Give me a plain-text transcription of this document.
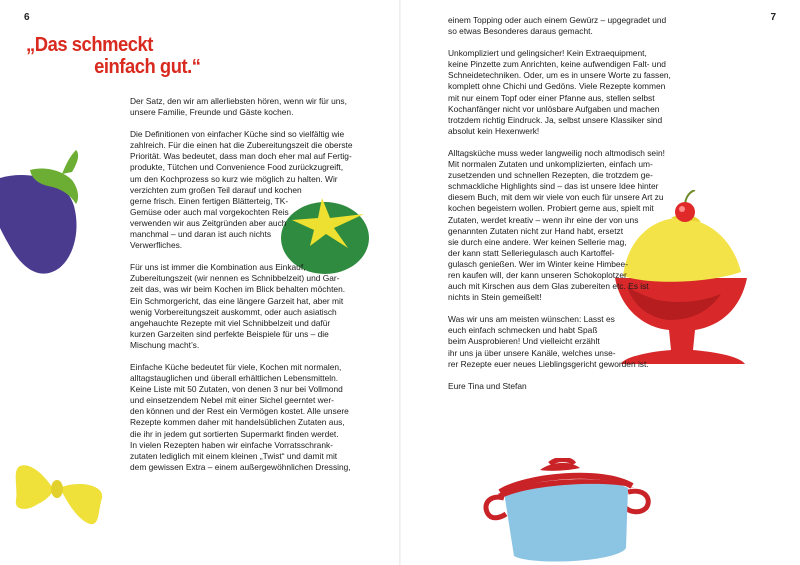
6	7
„Das schmeckt
einfach gut.“

Der Satz, den wir am allerliebsten hören, wenn wir für uns,
unsere Familie, Freunde und Gäste kochen.

Die Definitionen von einfacher Küche sind so vielfältig wie
zahlreich. Für die einen hat die Zubereitungszeit die oberste
Priorität. Was bedeutet, dass man doch eher mal auf Fertig-
produkte, Tütchen und Convenience Food zurückzugreift,
um den Kochprozess so kurz wie möglich zu halten. Wir
verzichten zum großen Teil darauf und kochen
gerne frisch. Einen fertigen Blätterteig, TK-
Gemüse oder auch mal vorgekochten Reis
verwenden wir aus Zeitgründen aber auch
manchmal – und daran ist auch nichts
Verwerfliches.

Für uns ist immer die Kombination aus Einkauf,
Zubereitungszeit (wir nennen es Schnibbelzeit) und Gar-
zeit das, was wir beim Kochen im Blick behalten möchten.
Ein Schmorgericht, das eine längere Garzeit hat, aber mit
wenig Vorbereitungszeit auskommt, oder auch asiatisch
angehauchte Rezepte mit viel Schnibbelzeit und dafür
kurzen Garzeiten sind perfekte Beispiele für uns – die
Mischung macht’s.

Einfache Küche bedeutet für viele, Kochen mit normalen,
alltagstauglichen und überall erhältlichen Lebensmitteln.
Keine Liste mit 50 Zutaten, von denen 3 nur bei Vollmond
und einsetzendem Nebel mit einer Sichel geerntet wer-
den können und der Rest ein Vermögen kostet. Alle unsere
Rezepte kommen daher mit handelsüblichen Zutaten aus,
die ihr in jedem gut sortierten Supermarkt finden werdet.
In vielen Rezepten haben wir einfache Vorratsschrank-
zutaten lediglich mit einem kleinen „Twist“ und damit mit
dem gewissen Extra – einem außergewöhnlichen Dressing,

einem Topping oder auch einem Gewürz – upgegradet und
so etwas Besonderes daraus gemacht.

Unkompliziert und gelingsicher! Kein Extraequipment,
keine Pinzette zum Anrichten, keine aufwendigen Falt- und
Schneidetechniken. Oder, um es in unsere Worte zu fassen,
komplett ohne Chichi und Gedöns. Viele Rezepte kommen
mit nur einem Topf oder einer Pfanne aus, stellen selbst
Kochanfänger nicht vor unlösbare Aufgaben und machen
trotzdem richtig Eindruck. Ja, selbst unsere Klassiker sind
absolut kein Hexenwerk!

Alltagsküche muss weder langweilig noch altmodisch sein!
Mit normalen Zutaten und unkomplizierten, einfach um-
zusetzenden und schnellen Rezepten, die trotzdem ge-
schmackliche Highlights sind – das ist unsere Idee hinter
diesem Buch, mit dem wir viele von euch für unsere Art zu
kochen begeistern wollen. Probiert gerne aus, spielt mit
Zutaten, werdet kreativ – wenn ihr eine der von uns
genannten Zutaten nicht zur Hand habt, ersetzt
sie durch eine andere. Wer keinen Sellerie mag,
der kann statt Selleriegulasch auch Kartoffel-
gulasch genießen. Wer im Winter keine Himbee-
ren kaufen will, der kann unseren Schokoplotzer
auch mit Kirschen aus dem Glas zubereiten etc. Es ist
nichts in Stein gemeißelt!

Was wir uns am meisten wünschen: Lasst es
euch einfach schmecken und habt Spaß
beim Ausprobieren! Und vielleicht erzählt
ihr uns ja über unsere Kanäle, welches unse-
rer Rezepte euer neues Lieblingsgericht geworden ist.

Eure Tina und Stefan
